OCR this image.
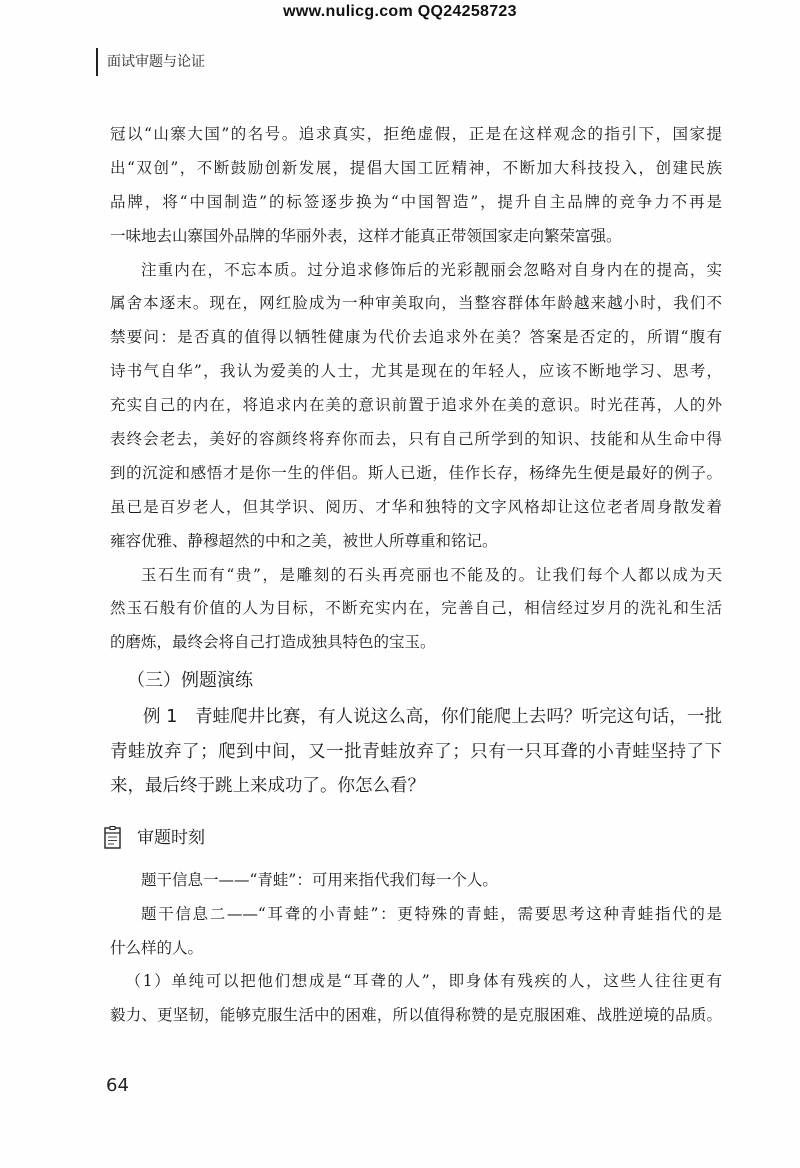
www.nulicg.com QQ24258723
面试审题与论证
冠以“山寨大国”的名号。追求真实，拒绝虚假，正是在这样观念的指引下，国家提
出“双创”，不断鼓励创新发展，提倡大国工匠精神，不断加大科技投入，创建民族
品牌，将“中国制造”的标签逐步换为“中国智造”，提升自主品牌的竞争力不再是
一味地去山寨国外品牌的华丽外表，这样才能真正带领国家走向繁荣富强。
注重内在，不忘本质。过分追求修饰后的光彩靓丽会忽略对自身内在的提高，实
属舍本逐末。现在，网红脸成为一种审美取向，当整容群体年龄越来越小时，我们不
禁要问：是否真的值得以牺牲健康为代价去追求外在美？答案是否定的，所谓“腹有
诗书气自华”，我认为爱美的人士，尤其是现在的年轻人，应该不断地学习、思考，
充实自己的内在，将追求内在美的意识前置于追求外在美的意识。时光荏苒，人的外
表终会老去，美好的容颜终将弃你而去，只有自己所学到的知识、技能和从生命中得
到的沉淀和感悟才是你一生的伴侣。斯人已逝，佳作长存，杨绛先生便是最好的例子。
虽已是百岁老人，但其学识、阅历、才华和独特的文字风格却让这位老者周身散发着
雍容优雅、静穆超然的中和之美，被世人所尊重和铭记。
玉石生而有“贵”，是雕刻的石头再亮丽也不能及的。让我们每个人都以成为天
然玉石般有价值的人为目标，不断充实内在，完善自己，相信经过岁月的洗礼和生活
的磨炼，最终会将自己打造成独具特色的宝玉。
（三）例题演练
例 1　青蛙爬井比赛，有人说这么高，你们能爬上去吗？听完这句话，一批
青蛙放弃了；爬到中间，又一批青蛙放弃了；只有一只耳聋的小青蛙坚持了下
来，最后终于跳上来成功了。你怎么看？
审题时刻
题干信息一——“青蛙”：可用来指代我们每一个人。
题干信息二——“耳聋的小青蛙”：更特殊的青蛙，需要思考这种青蛙指代的是
什么样的人。
（1）单纯可以把他们想成是“耳聋的人”，即身体有残疾的人，这些人往往更有
毅力、更坚韧，能够克服生活中的困难，所以值得称赞的是克服困难、战胜逆境的品质。
64
